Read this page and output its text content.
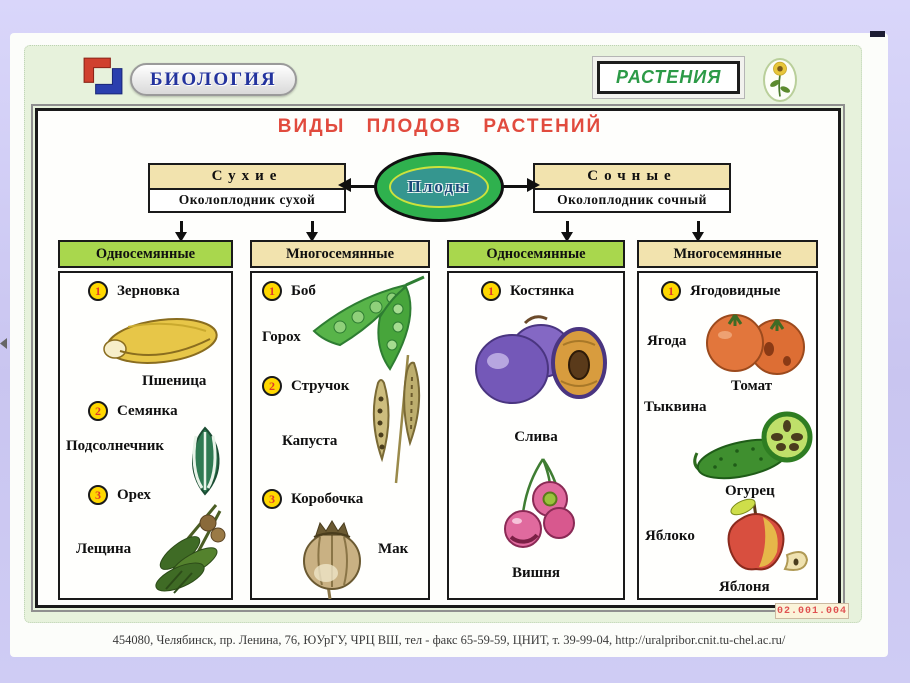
БИОЛОГИЯ	РАСТЕНИЯ
ВИДЫ ПЛОДОВ РАСТЕНИЙ
Плоды
Сухие
Околоплодник сухой
Сочные
Околоплодник сочный
Односемянные	Многосемянные	Односемянные	Многосемянные
1	Зерновка
Пшеница
2	Семянка
Подсолнечник
3	Орех
Лещина
1	Боб
Горох
2	Стручок
Капуста
3	Коробочка
Мак
1	Костянка
Слива
Вишня
1	Ягодовидные
Ягода
Томат
Тыквина
Огурец
Яблоко
Яблоня
02.001.004
454080, Челябинск, пр. Ленина, 76, ЮУрГУ, ЧРЦ ВШ, тел - факс 65-59-59, ЦНИТ, т. 39-99-04, http://uralpribor.cnit.tu-chel.ac.ru/
